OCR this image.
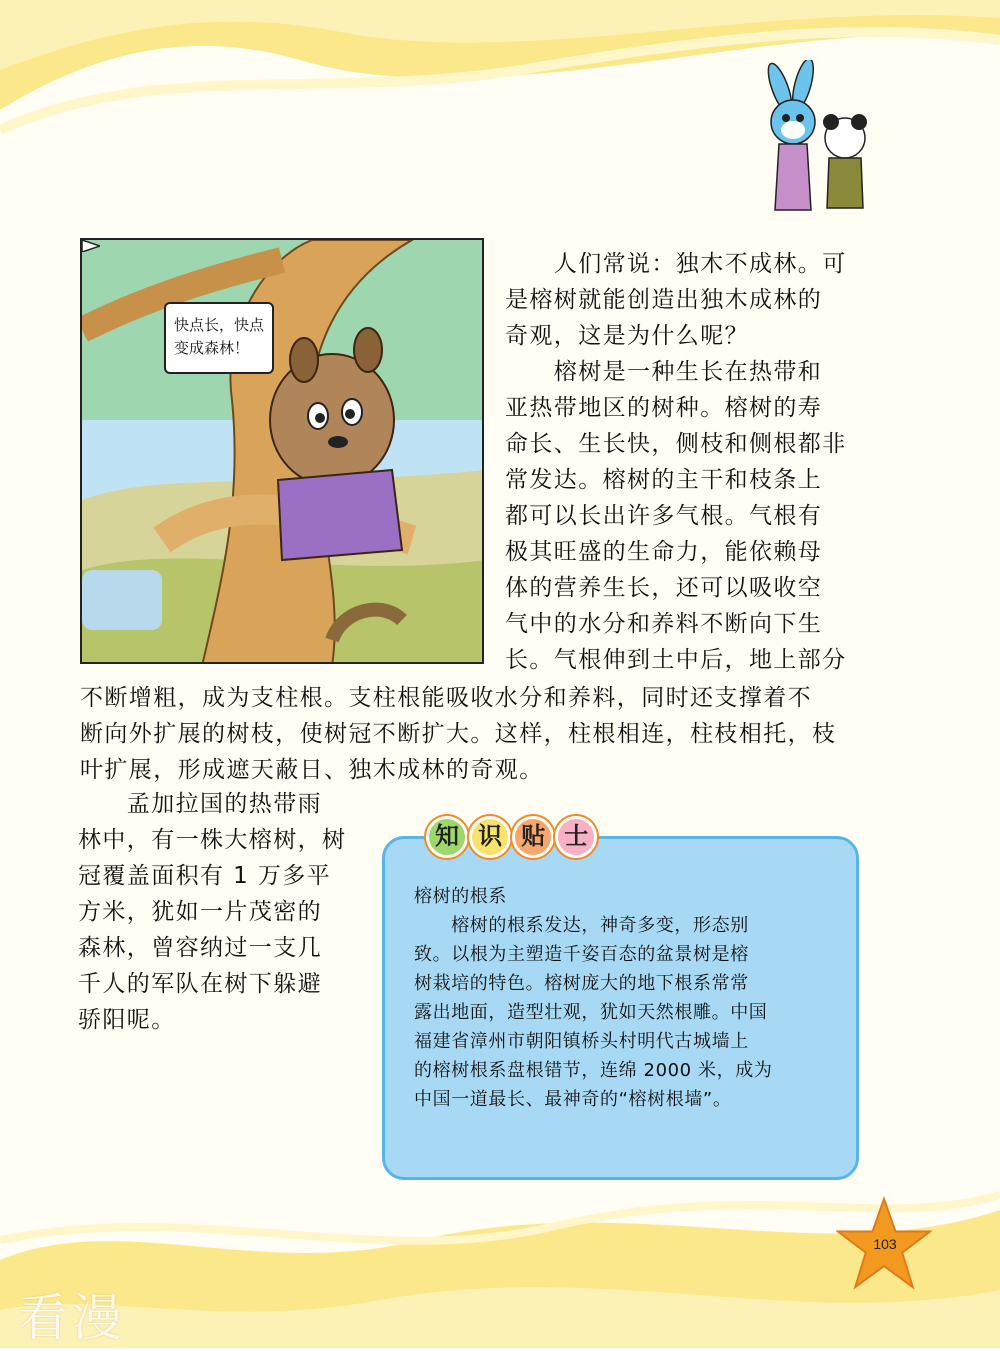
快点长，快点
变成森林！
　　人们常说：独木不成林。可
是榕树就能创造出独木成林的
奇观，这是为什么呢？
　　榕树是一种生长在热带和
亚热带地区的树种。榕树的寿
命长、生长快，侧枝和侧根都非
常发达。榕树的主干和枝条上
都可以长出许多气根。气根有
极其旺盛的生命力，能依赖母
体的营养生长，还可以吸收空
气中的水分和养料不断向下生
长。气根伸到土中后，地上部分
不断增粗，成为支柱根。支柱根能吸收水分和养料，同时还支撑着不
断向外扩展的树枝，使树冠不断扩大。这样，柱根相连，柱枝相托，枝
叶扩展，形成遮天蔽日、独木成林的奇观。
　　孟加拉国的热带雨
林中，有一株大榕树，树
冠覆盖面积有 1 万多平
方米，犹如一片茂密的
森林，曾容纳过一支几
千人的军队在树下躲避
骄阳呢。
知 识 贴 士
榕树的根系
　　榕树的根系发达，神奇多变，形态别
致。以根为主塑造千姿百态的盆景树是榕
树栽培的特色。榕树庞大的地下根系常常
露出地面，造型壮观，犹如天然根雕。中国
福建省漳州市朝阳镇桥头村明代古城墙上
的榕树根系盘根错节，连绵 2000 米，成为
中国一道最长、最神奇的“榕树根墙”。
103
看漫
